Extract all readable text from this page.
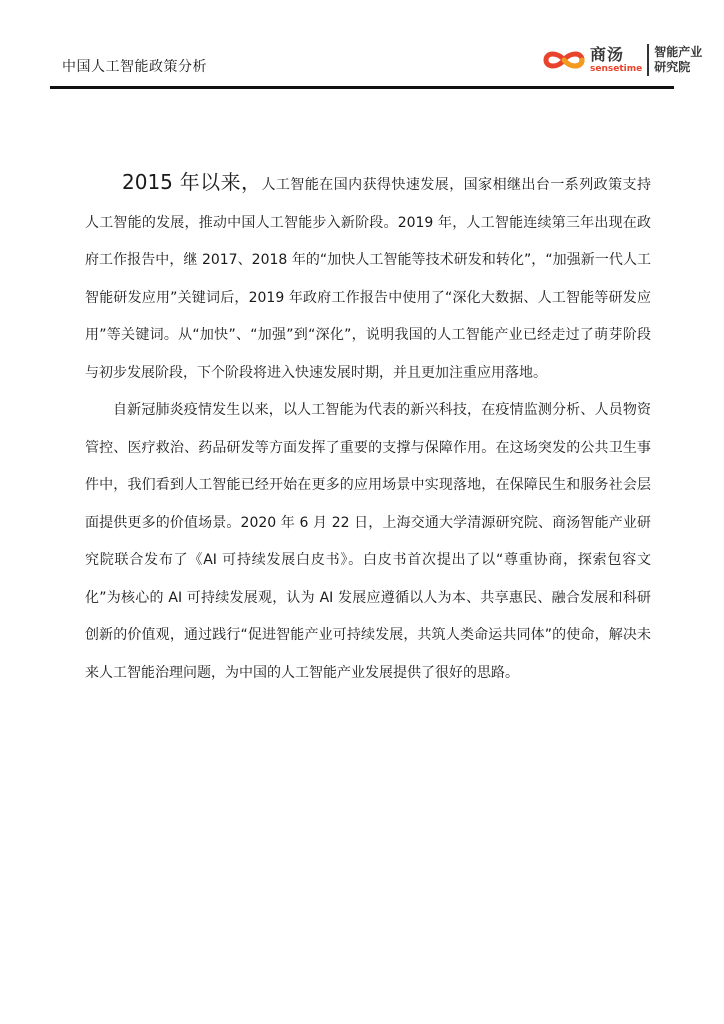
中国人工智能政策分析
商汤
sensetime
智能产业
研究院

2015 年以来，人工智能在国内获得快速发展，国家相继出台一系列政策支持人工智能的发展，推动中国人工智能步入新阶段。2019 年，人工智能连续第三年出现在政府工作报告中，继 2017、2018 年的“加快人工智能等技术研发和转化”，“加强新一代人工智能研发应用”关键词后，2019 年政府工作报告中使用了“深化大数据、人工智能等研发应用”等关键词。从“加快”、“加强”到“深化”，说明我国的人工智能产业已经走过了萌芽阶段与初步发展阶段，下个阶段将进入快速发展时期，并且更加注重应用落地。

自新冠肺炎疫情发生以来，以人工智能为代表的新兴科技，在疫情监测分析、人员物资管控、医疗救治、药品研发等方面发挥了重要的支撑与保障作用。在这场突发的公共卫生事件中，我们看到人工智能已经开始在更多的应用场景中实现落地，在保障民生和服务社会层面提供更多的价值场景。2020 年 6 月 22 日，上海交通大学清源研究院、商汤智能产业研究院联合发布了《AI 可持续发展白皮书》。白皮书首次提出了以“尊重协商，探索包容文化”为核心的 AI 可持续发展观，认为 AI 发展应遵循以人为本、共享惠民、融合发展和科研创新的价值观，通过践行“促进智能产业可持续发展，共筑人类命运共同体”的使命，解决未来人工智能治理问题，为中国的人工智能产业发展提供了很好的思路。
